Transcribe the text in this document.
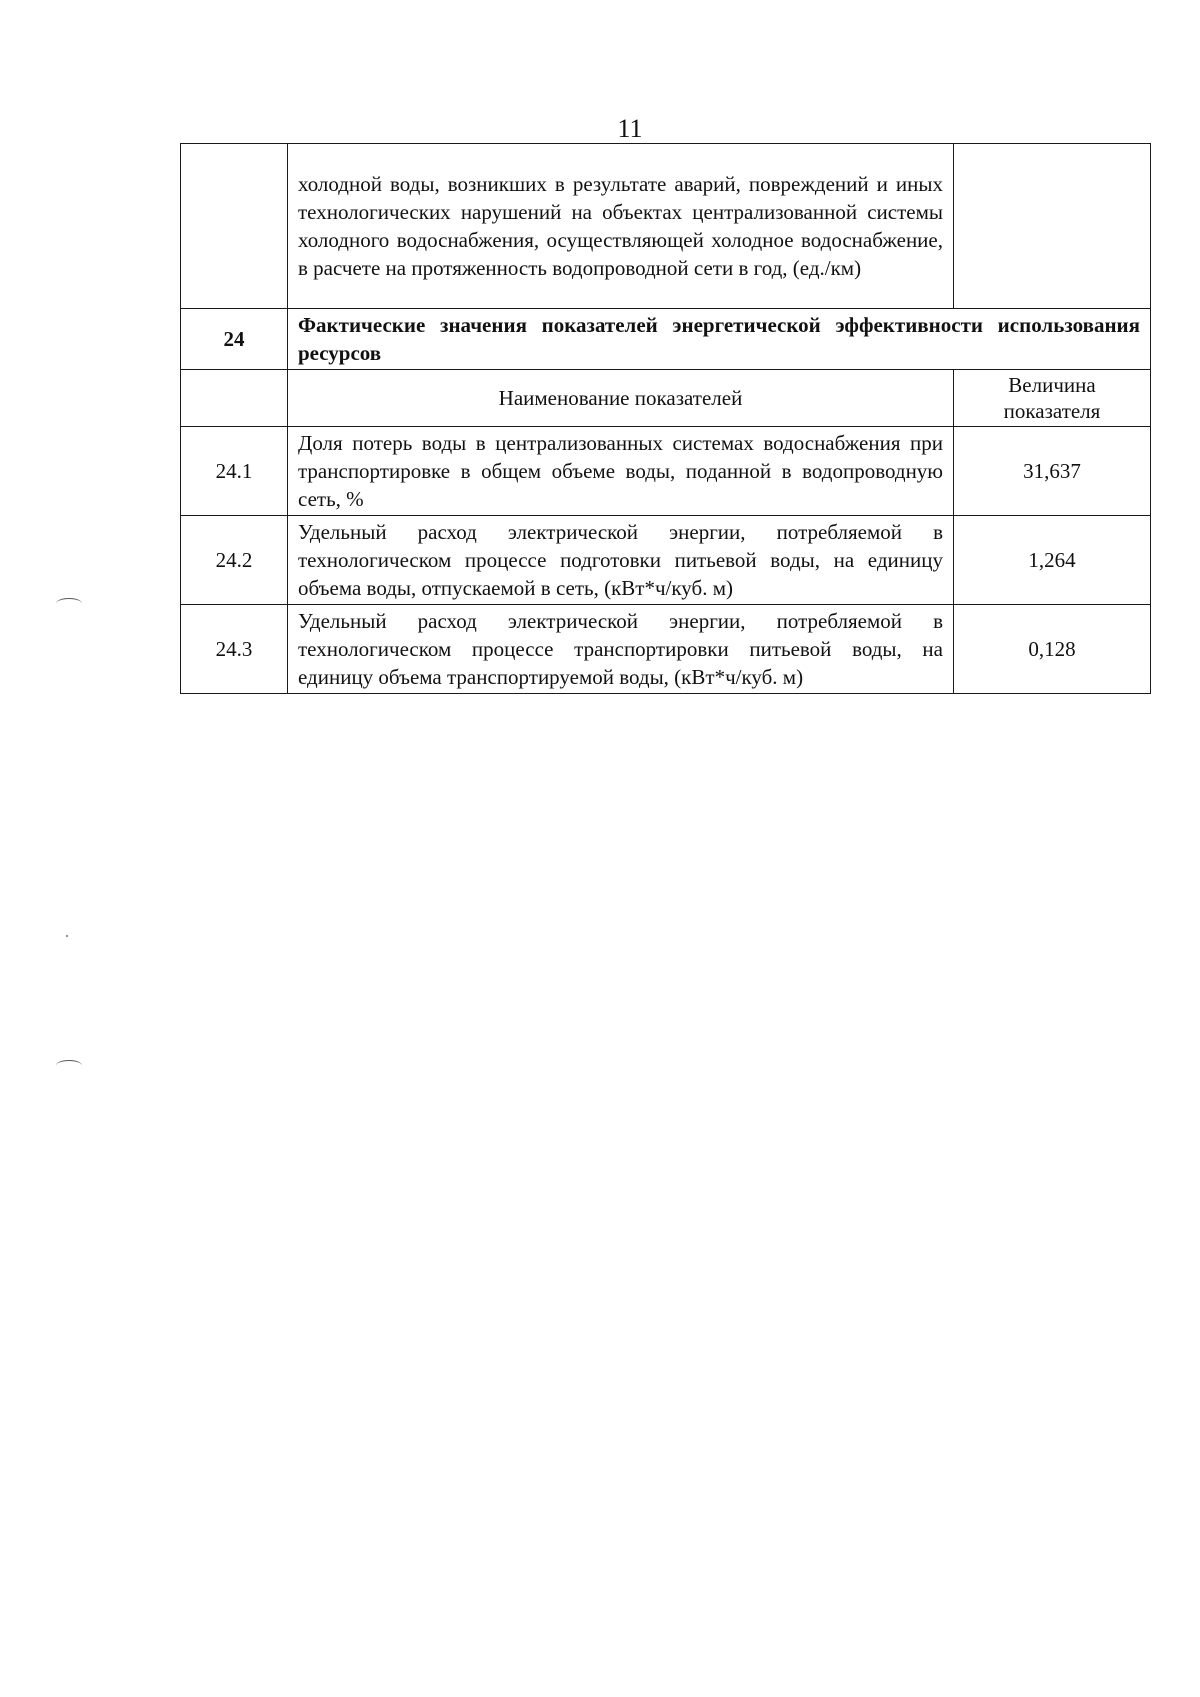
11
	холодной воды, возникших в результате аварий, повреждений и иных технологических нарушений на объектах централизованной системы холодного водоснабжения, осуществляющей холодное водоснабжение, в расчете на протяженность водопроводной сети в год, (ед./км)	
24	Фактические значения показателей энергетической эффективности использования ресурсов	
	Наименование показателей	Величина показателя
24.1	Доля потерь воды в централизованных системах водоснабжения при транспортировке в общем объеме воды, поданной в водопроводную сеть, %	31,637
24.2	Удельный расход электрической энергии, потребляемой в технологическом процессе подготовки питьевой воды, на единицу объема воды, отпускаемой в сеть, (кВт*ч/куб. м)	1,264
24.3	Удельный расход электрической энергии, потребляемой в технологическом процессе транспортировки питьевой воды, на единицу объема транспортируемой воды, (кВт*ч/куб. м)	0,128
